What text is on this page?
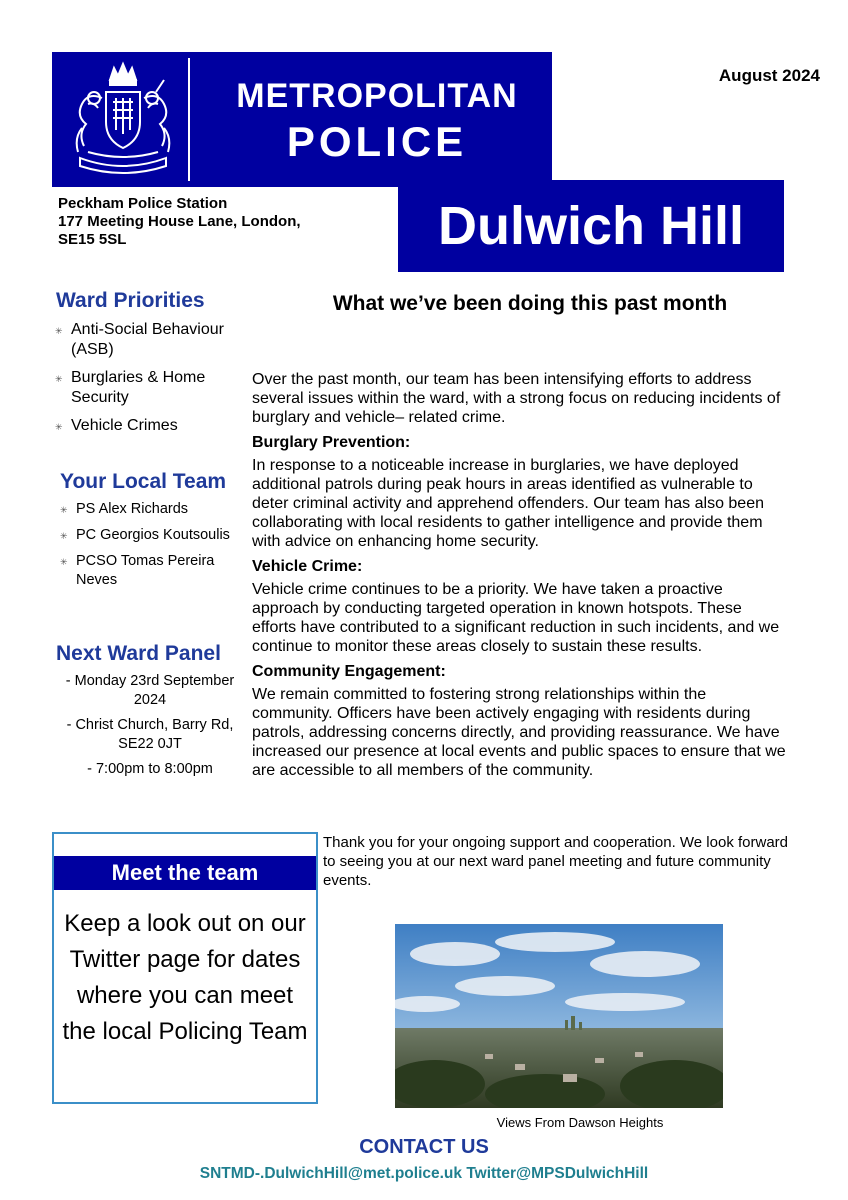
METROPOLITAN
POLICE
August 2024
Dulwich Hill
Peckham Police Station
177 Meeting House Lane, London,
SE15 5SL
Ward Priorities
✳ Anti-Social Behaviour (ASB)
✳ Burglaries & Home Security
✳ Vehicle Crimes
Your Local Team
✳ PS Alex Richards
✳ PC Georgios Koutsoulis
✳ PCSO Tomas Pereira Neves
Next Ward Panel
- Monday 23rd September 2024
- Christ Church, Barry Rd, SE22 0JT
- 7:00pm to 8:00pm
What we’ve been doing this past month

Over the past month, our team has been intensifying efforts to address several issues within the ward, with a strong focus on reducing incidents of burglary and vehicle– related crime.

Burglary Prevention:

In response to a noticeable increase in burglaries, we have deployed additional patrols during peak hours in areas identified as vulnerable to deter criminal activity and apprehend offenders. Our team has also been collaborating with local residents to gather intelligence and provide them with advice on enhancing home security.

Vehicle Crime:

Vehicle crime continues to be a priority. We have taken a proactive approach by conducting targeted operation in known hotspots. These efforts have contributed to a significant reduction in such incidents, and we continue to monitor these areas closely to sustain these results.

Community Engagement:

We remain committed to fostering strong relationships within the community. Officers have been actively engaging with residents during patrols, addressing concerns directly, and providing reassurance. We have increased our presence at local events and public spaces to ensure that we are accessible to all members of the community.

Meet the team
Keep a look out on our Twitter page for dates where you can meet the local Policing Team
Thank you for your ongoing support and cooperation. We look forward to seeing you at our next ward panel meeting and future community events.
Views From Dawson Heights
CONTACT US
SNTMD-.DulwichHill@met.police.uk Twitter@MPSDulwichHill
